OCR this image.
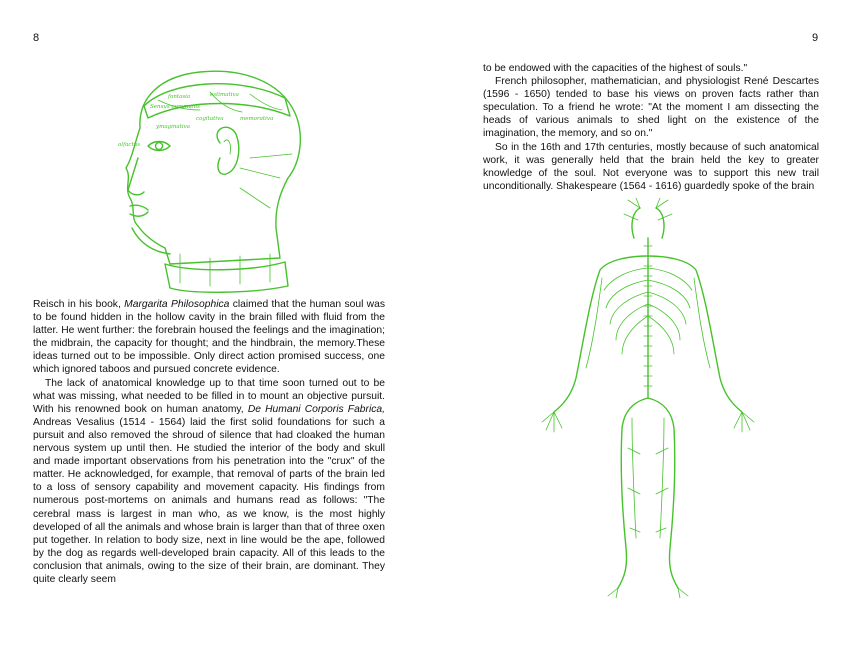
8
Sensus communis
fantasia	estimativa
memorativa
cogitativa
ymaginativa
olfactus

Reisch in his book, Margarita Philosophica claimed that the human soul was to be found hidden in the hollow cavity in the brain filled with fluid from the latter. He went further: the forebrain housed the feelings and the imagination; the midbrain, the capacity for thought; and the hindbrain, the memory.These ideas turned out to be impossible. Only direct action promised success, one which ignored taboos and pursued concrete evidence.

The lack of anatomical knowledge up to that time soon turned out to be what was missing, what needed to be filled in to mount an objective pursuit. With his renowned book on human anatomy, De Humani Corporis Fabrica, Andreas Vesalius (1514 - 1564) laid the first solid foundations for such a pursuit and also removed the shroud of silence that had cloaked the human nervous system up until then. He studied the interior of the body and skull and made important observations from his penetration into the "crux" of the matter. He acknowledged, for example, that removal of parts of the brain led to a loss of sensory capability and movement capacity. His findings from numerous post-mortems on animals and humans read as follows: "The cerebral mass is largest in man who, as we know, is the most highly developed of all the animals and whose brain is larger than that of three oxen put together. In relation to body size, next in line would be the ape, followed by the dog as regards well-developed brain capacity. All of this leads to the conclusion that animals, owing to the size of their brain, are dominant. They quite clearly seem

9

to be endowed with the capacities of the highest of souls."

French philosopher, mathematician, and physiologist René Descartes (1596 - 1650) tended to base his views on proven facts rather than speculation. To a friend he wrote: "At the moment I am dissecting the heads of various animals to shed light on the existence of the imagination, the memory, and so on."

So in the 16th and 17th centuries, mostly because of such anatomical work, it was generally held that the brain held the key to greater knowledge of the soul. Not everyone was to support this new trail unconditionally. Shakespeare (1564 - 1616) guardedly spoke of the brain
